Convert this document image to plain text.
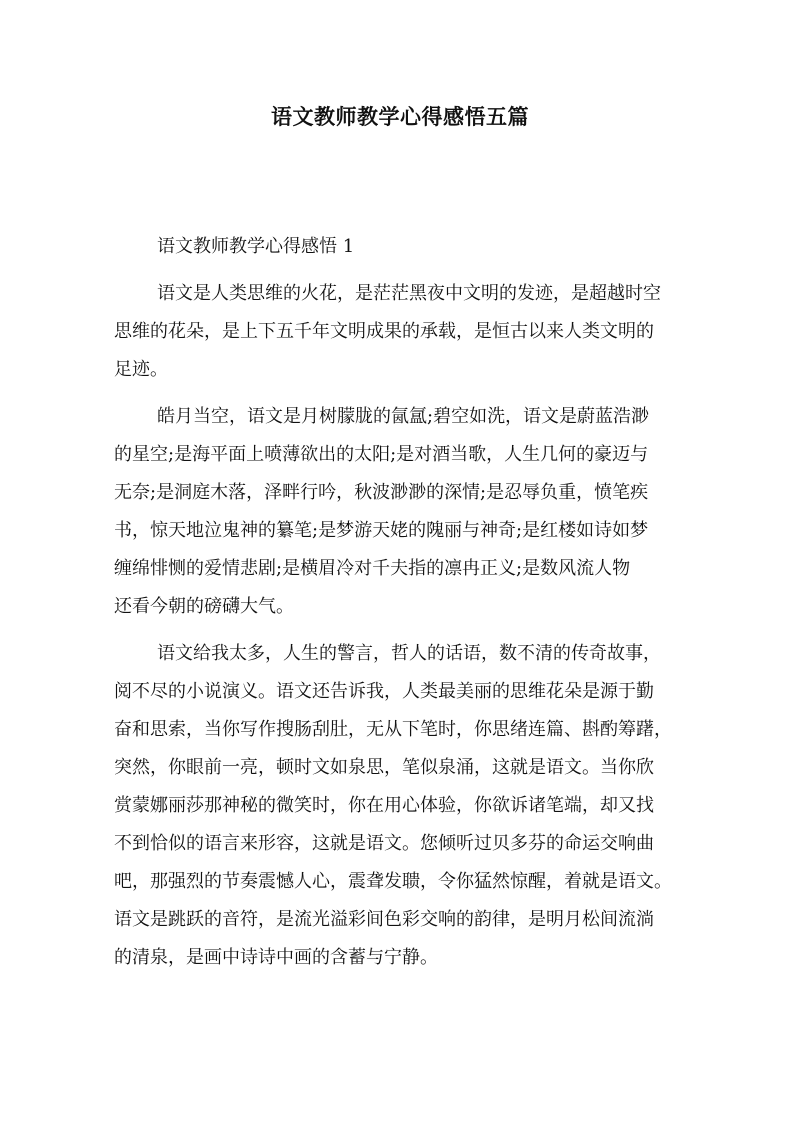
语文教师教学心得感悟五篇

语文教师教学心得感悟 1

语文是人类思维的火花，是茫茫黑夜中文明的发迹，是超越时空
思维的花朵，是上下五千年文明成果的承载，是恒古以来人类文明的
足迹。

皓月当空，语文是月树朦胧的氤氲;碧空如洗，语文是蔚蓝浩渺
的星空;是海平面上喷薄欲出的太阳;是对酒当歌，人生几何的豪迈与
无奈;是洞庭木落，泽畔行吟，秋波渺渺的深情;是忍辱负重，愤笔疾
书，惊天地泣鬼神的纂笔;是梦游天姥的隗丽与神奇;是红楼如诗如梦
缠绵悱恻的爱情悲剧;是横眉冷对千夫指的凛冉正义;是数风流人物
还看今朝的磅礴大气。

语文给我太多，人生的警言，哲人的话语，数不清的传奇故事，
阅不尽的小说演义。语文还告诉我，人类最美丽的思维花朵是源于勤
奋和思索，当你写作搜肠刮肚，无从下笔时，你思绪连篇、斟酌筹躇，
突然，你眼前一亮，顿时文如泉思，笔似泉涌，这就是语文。当你欣
赏蒙娜丽莎那神秘的微笑时，你在用心体验，你欲诉诸笔端，却又找
不到恰似的语言来形容，这就是语文。您倾听过贝多芬的命运交响曲
吧，那强烈的节奏震憾人心，震聋发聩，令你猛然惊醒，着就是语文。
语文是跳跃的音符，是流光溢彩间色彩交响的韵律，是明月松间流淌
的清泉，是画中诗诗中画的含蓄与宁静。
